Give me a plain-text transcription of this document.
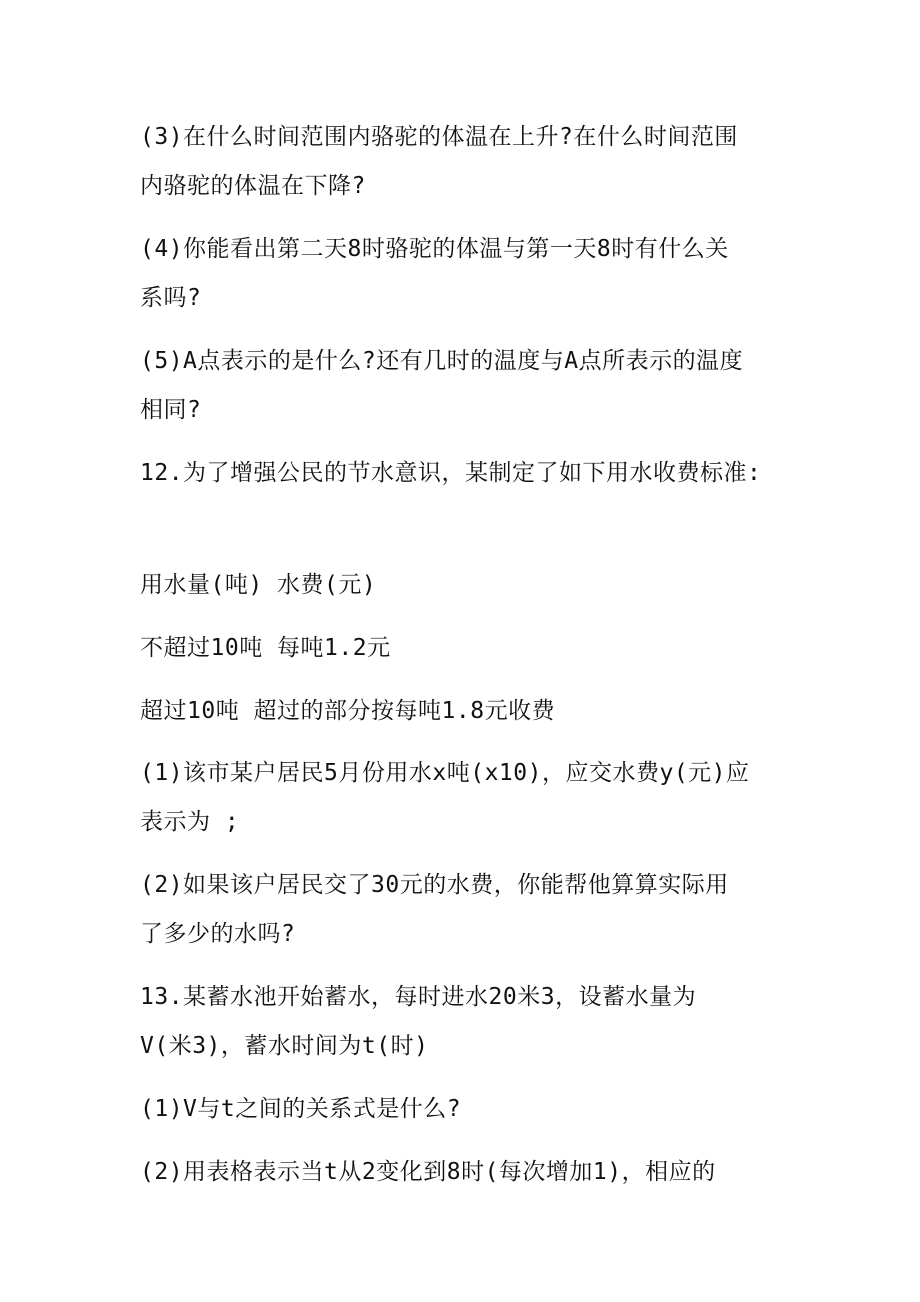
(3)在什么时间范围内骆驼的体温在上升?在什么时间范围
内骆驼的体温在下降?
(4)你能看出第二天8时骆驼的体温与第一天8时有什么关
系吗?
(5)A点表示的是什么?还有几时的温度与A点所表示的温度
相同?
12.为了增强公民的节水意识，某制定了如下用水收费标准:
用水量(吨) 水费(元)
不超过10吨 每吨1.2元
超过10吨 超过的部分按每吨1.8元收费
(1)该市某户居民5月份用水x吨(x10)，应交水费y(元)应
表示为 ;
(2)如果该户居民交了30元的水费，你能帮他算算实际用
了多少的水吗?
13.某蓄水池开始蓄水，每时进水20米3，设蓄水量为
V(米3)，蓄水时间为t(时)
(1)V与t之间的关系式是什么?
(2)用表格表示当t从2变化到8时(每次增加1)，相应的
